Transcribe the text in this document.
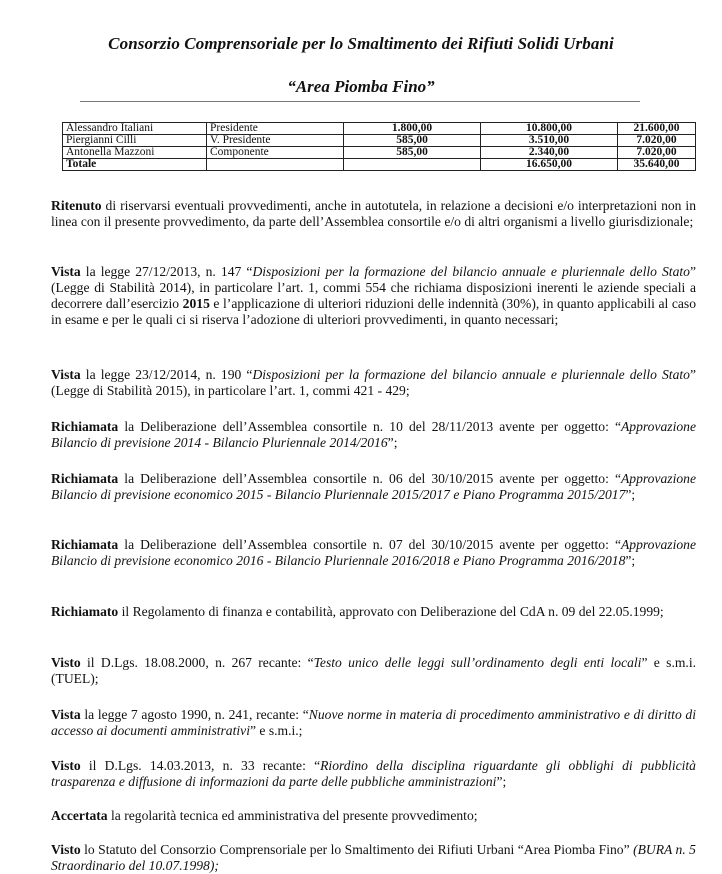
Consorzio Comprensoriale per lo Smaltimento dei Rifiuti Solidi Urbani
“Area Piomba Fino”
Alessandro Italiani	Presidente	1.800,00	10.800,00	21.600,00
Piergianni Cilli	V. Presidente	585,00	3.510,00	7.020,00
Antonella Mazzoni	Componente	585,00	2.340,00	7.020,00
Totale			16.650,00	35.640,00
Ritenuto di riservarsi eventuali provvedimenti, anche in autotutela, in relazione a decisioni e/o interpretazioni non in linea con il presente provvedimento, da parte dell’Assemblea consortile e/o di altri organismi a livello giurisdizionale;
Vista la legge 27/12/2013, n. 147 “Disposizioni per la formazione del bilancio annuale e pluriennale dello Stato” (Legge di Stabilità 2014), in particolare l’art. 1, commi 554 che richiama disposizioni inerenti le aziende speciali a decorrere dall’esercizio 2015 e l’applicazione di ulteriori riduzioni delle indennità (30%), in quanto applicabili al caso in esame e per le quali ci si riserva l’adozione di ulteriori provvedimenti, in quanto necessari;
Vista la legge 23/12/2014, n. 190 “Disposizioni per la formazione del bilancio annuale e pluriennale dello Stato” (Legge di Stabilità 2015), in particolare l’art. 1, commi 421 - 429;
Richiamata la Deliberazione dell’Assemblea consortile n. 10 del 28/11/2013 avente per oggetto: “Approvazione Bilancio di previsione 2014 - Bilancio Pluriennale 2014/2016”;
Richiamata la Deliberazione dell’Assemblea consortile n. 06 del 30/10/2015 avente per oggetto: “Approvazione Bilancio di previsione economico 2015 - Bilancio Pluriennale 2015/2017 e Piano Programma 2015/2017”;
Richiamata la Deliberazione dell’Assemblea consortile n. 07 del 30/10/2015 avente per oggetto: “Approvazione Bilancio di previsione economico 2016 - Bilancio Pluriennale 2016/2018 e Piano Programma 2016/2018”;
Richiamato il Regolamento di finanza e contabilità, approvato con Deliberazione del CdA n. 09 del 22.05.1999;
Visto il D.Lgs. 18.08.2000, n. 267 recante: “Testo unico delle leggi sull’ordinamento degli enti locali” e s.m.i. (TUEL);
Vista la legge 7 agosto 1990, n. 241, recante: “Nuove norme in materia di procedimento amministrativo e di diritto di accesso ai documenti amministrativi” e s.m.i.;
Visto il D.Lgs. 14.03.2013, n. 33 recante: “Riordino della disciplina riguardante gli obblighi di pubblicità trasparenza e diffusione di informazioni da parte delle pubbliche amministrazioni”;
Accertata la regolarità tecnica ed amministrativa del presente provvedimento;
Visto lo Statuto del Consorzio Comprensoriale per lo Smaltimento dei Rifiuti Urbani “Area Piomba Fino” (BURA n. 5 Straordinario del 10.07.1998);
